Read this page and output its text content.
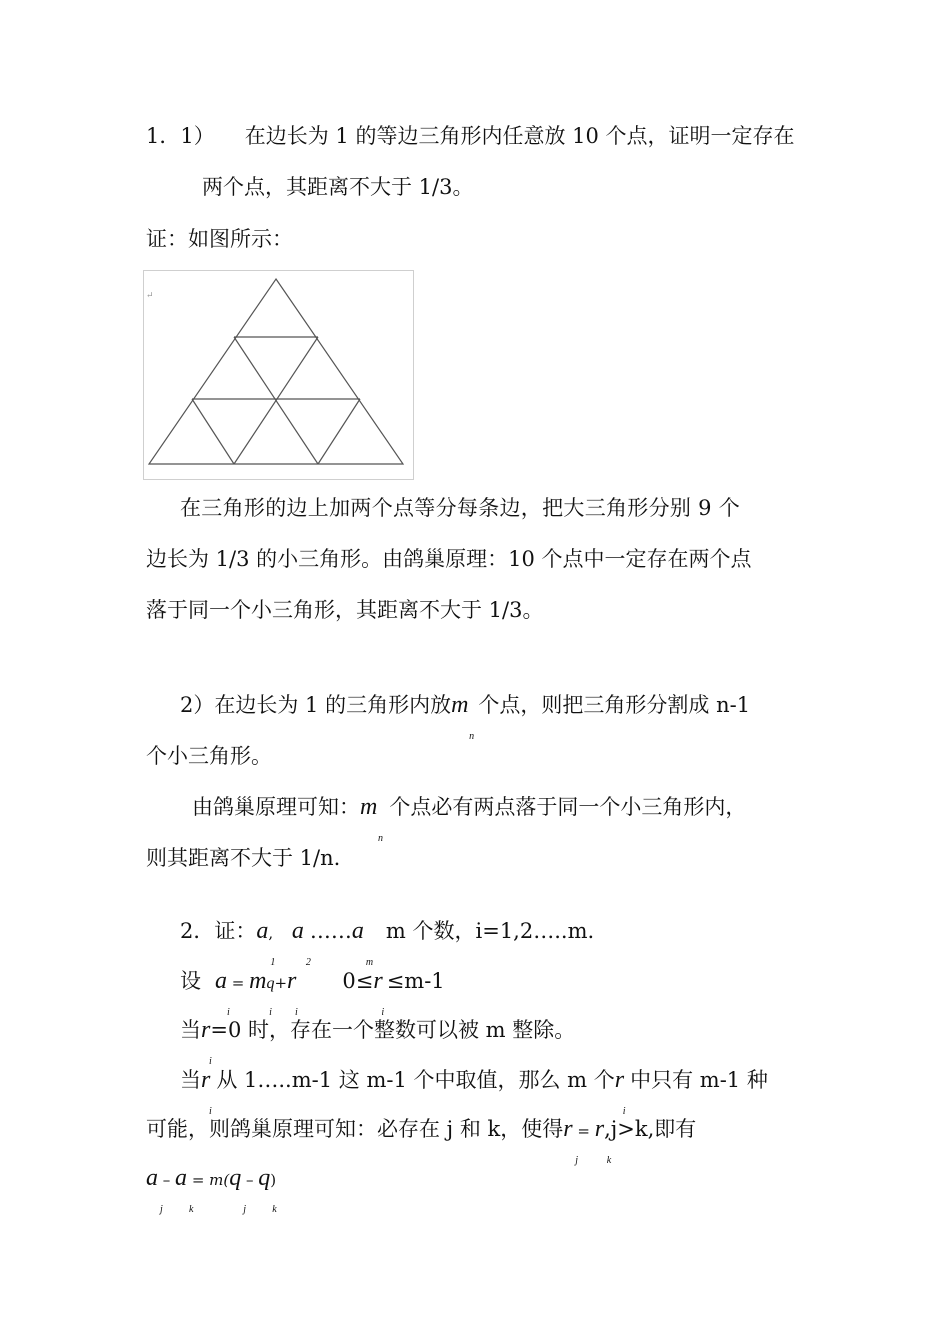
1．1） 在边长为 1 的等边三角形内任意放 10 个点，证明一定存在
两个点，其距离不大于 1/3。
证：如图所示：
↵
在三角形的边上加两个点等分每条边，把大三角形分别 9 个
边长为 1/3 的小三角形。由鸽巢原理：10 个点中一定存在两个点
落于同一个小三角形，其距离不大于 1/3。
2）在边长为 1 的三角形内放m
n
个点，则把三角形分割成 n-1
个小三角形。
由鸽巢原理可知：m
n
个点必有两点落于同一个小三角形内，
则其距离不大于 1/n.
2．证：a
1
, a
2
……a
m
m 个数，i=1,2…..m.
设 a
i
= m
i
q+r
i
0≤r
i
≤m-1
当r
i
=0 时，存在一个整数可以被 m 整除。
当r
i
从 1…..m-1 这 m-1 个中取值，那么 m 个r
i
中只有 m-1 种
可能，则鸽巢原理可知：必存在 j 和 k，使得r
j
= r
k
,j>k,即有
a
j
– a
k
= m(q
j
– q
k
)
